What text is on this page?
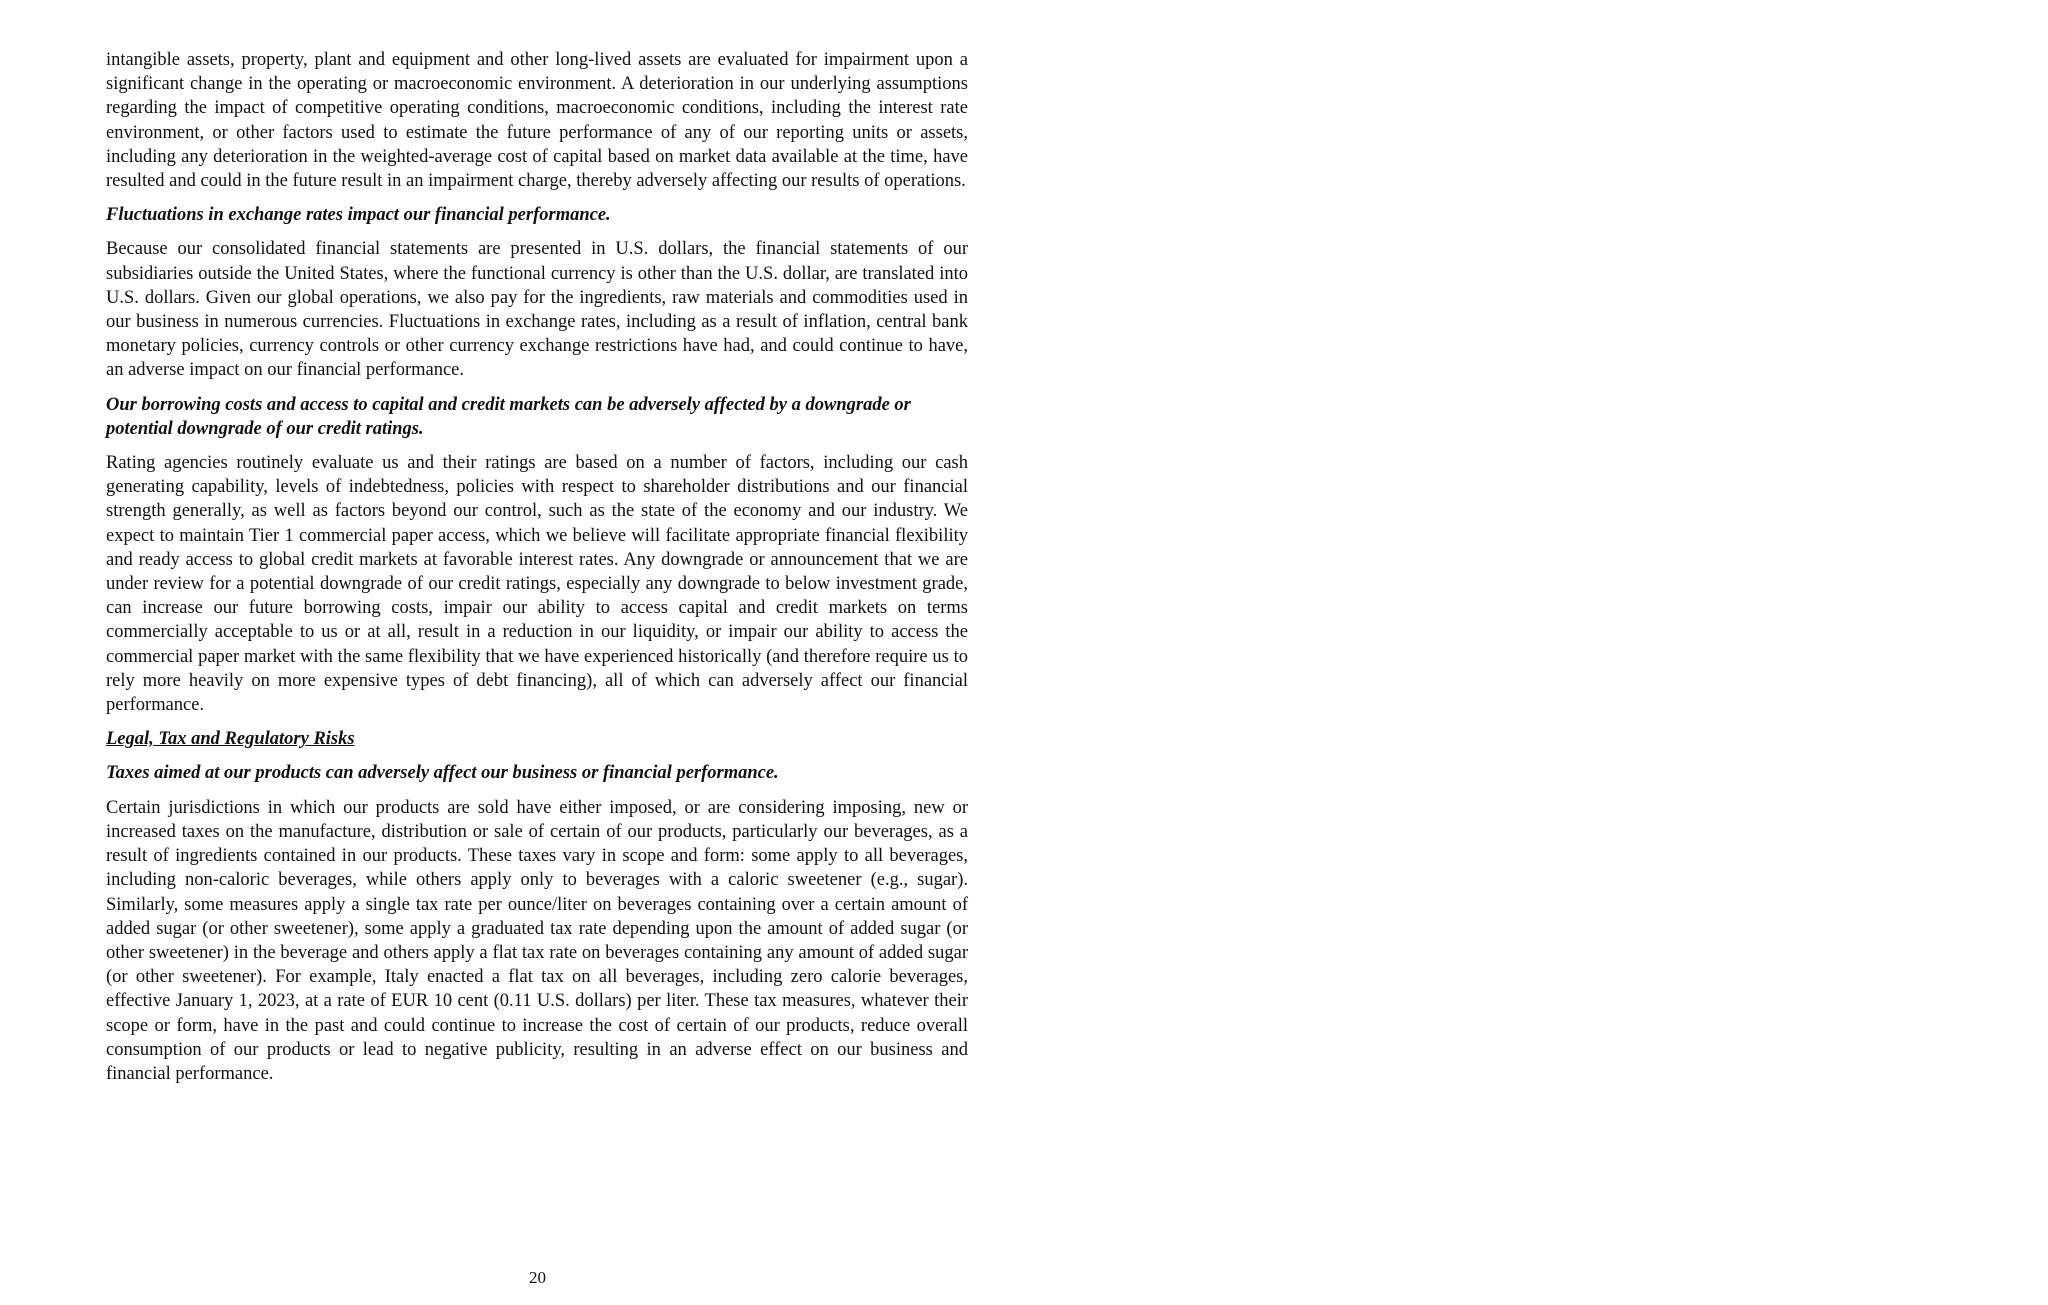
intangible assets, property, plant and equipment and other long-lived assets are evaluated for impairment upon a significant change in the operating or macroeconomic environment. A deterioration in our underlying assumptions regarding the impact of competitive operating conditions, macroeconomic conditions, including the interest rate environment, or other factors used to estimate the future performance of any of our reporting units or assets, including any deterioration in the weighted-average cost of capital based on market data available at the time, have resulted and could in the future result in an impairment charge, thereby adversely affecting our results of operations.

Fluctuations in exchange rates impact our financial performance.

Because our consolidated financial statements are presented in U.S. dollars, the financial statements of our subsidiaries outside the United States, where the functional currency is other than the U.S. dollar, are translated into U.S. dollars. Given our global operations, we also pay for the ingredients, raw materials and commodities used in our business in numerous currencies. Fluctuations in exchange rates, including as a result of inflation, central bank monetary policies, currency controls or other currency exchange restrictions have had, and could continue to have, an adverse impact on our financial performance.

Our borrowing costs and access to capital and credit markets can be adversely affected by a downgrade or potential downgrade of our credit ratings.

Rating agencies routinely evaluate us and their ratings are based on a number of factors, including our cash generating capability, levels of indebtedness, policies with respect to shareholder distributions and our financial strength generally, as well as factors beyond our control, such as the state of the economy and our industry. We expect to maintain Tier 1 commercial paper access, which we believe will facilitate appropriate financial flexibility and ready access to global credit markets at favorable interest rates. Any downgrade or announcement that we are under review for a potential downgrade of our credit ratings, especially any downgrade to below investment grade, can increase our future borrowing costs, impair our ability to access capital and credit markets on terms commercially acceptable to us or at all, result in a reduction in our liquidity, or impair our ability to access the commercial paper market with the same flexibility that we have experienced historically (and therefore require us to rely more heavily on more expensive types of debt financing), all of which can adversely affect our financial performance.

Legal, Tax and Regulatory Risks

Taxes aimed at our products can adversely affect our business or financial performance.

Certain jurisdictions in which our products are sold have either imposed, or are considering imposing, new or increased taxes on the manufacture, distribution or sale of certain of our products, particularly our beverages, as a result of ingredients contained in our products. These taxes vary in scope and form: some apply to all beverages, including non-caloric beverages, while others apply only to beverages with a caloric sweetener (e.g., sugar). Similarly, some measures apply a single tax rate per ounce/liter on beverages containing over a certain amount of added sugar (or other sweetener), some apply a graduated tax rate depending upon the amount of added sugar (or other sweetener) in the beverage and others apply a flat tax rate on beverages containing any amount of added sugar (or other sweetener). For example, Italy enacted a flat tax on all beverages, including zero calorie beverages, effective January 1, 2023, at a rate of EUR 10 cent (0.11 U.S. dollars) per liter. These tax measures, whatever their scope or form, have in the past and could continue to increase the cost of certain of our products, reduce overall consumption of our products or lead to negative publicity, resulting in an adverse effect on our business and financial performance.

20
